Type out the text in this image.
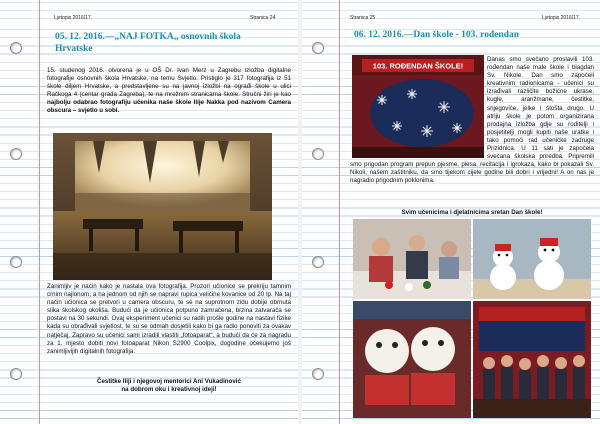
Ljetopis 2016/17.	Stranica 24
05. 12. 2016.—„NAJ FOTKA„ osnovnih škola
Hrvatske
15. studenog 2016. otvorena je u OŠ Dr. Ivan Merz u Zagrebu izložba digitalne fotografije osnovnih škola Hrvatske, na temu Svjetlo. Pristiglo je 317 fotografija iz 51 škole diljem Hrvatske, a predstavljene su na javnoj izložbi na ograđi škole u ulici Račkoga 4 (centar grada Zagreba), te na mrežnim stranicama škole. Stručni žiri je kao najbolju odabrao fotografiju učenika naše škole Ilije Nakka pod nazivom Camera obscura – svjetlo u sobi.
Zanimljiv je način kako je nastala ova fotografija. Prozori učionice se prekriju tamnim crnim najlonom, a na jednom od njih se napravi rupica veličine kovanice od 20 lp. Na taj način učionica se pretvori u camera obscuru, te se na suprotnom zidu dobije obrnuta slika školskog okoliša. Budući da je učionica potpuno zamračena, brzina zatvarača se postavi na 30 sekundi. Ovaj eksperiment učenici su radili prošle godine na nastavi fizike kada su obrađivali svjetlost, te su se odmah dosjetili kako bi ga radio ponoviti za ovakav natječaj. Zapravo su učenici sami izradili vlastiti „fotoaparat“, a budući da će za nagradu za 1. mjesto dobiti novi fotoaparat Nikon S2900 Coolpix, dogodine očekujemo još zanimljivijih digitalnih fotografija.
Čestitke Iliji i njegovoj mentorici Ani Vukadinović
na dobrom oku i kreativnoj ideji!
Stranica 25	Ljetopis 2016/17.
06. 12. 2016.—Dan škole - 103. rođendan
103. ROĐENDAN ŠKOLE!
Danas smo svečano proslavili 103. rođendan naše male škole i blagdan Sv. Nikole. Dan smo započeli kreativnim radionicama - učenici su izrađivali različite božićne ukrase, kugle, aranžmane, čestitke, snjegoviće, jelke i štošta drugo. U atriju škole je potom organizirana prodajna izložba gdje su roditelji i posjetitelji mogli kupiti naše uratke i tako pomoći rad učeničke zadruge Prizidnica. U 11 sati je započela svečana školska priredba. Pripremili smo prigodan program prepun pjesme, plesa, recitacija i igrokaza, kako bi pokazali Sv. Nikoli, našem zaštitniku, da smo tijekom cijele godine bili dobri i vrijedni! A on nas je nagradio prigodnim poklonima.
Svim učenicima i djelatnicima sretan Dan škole!
